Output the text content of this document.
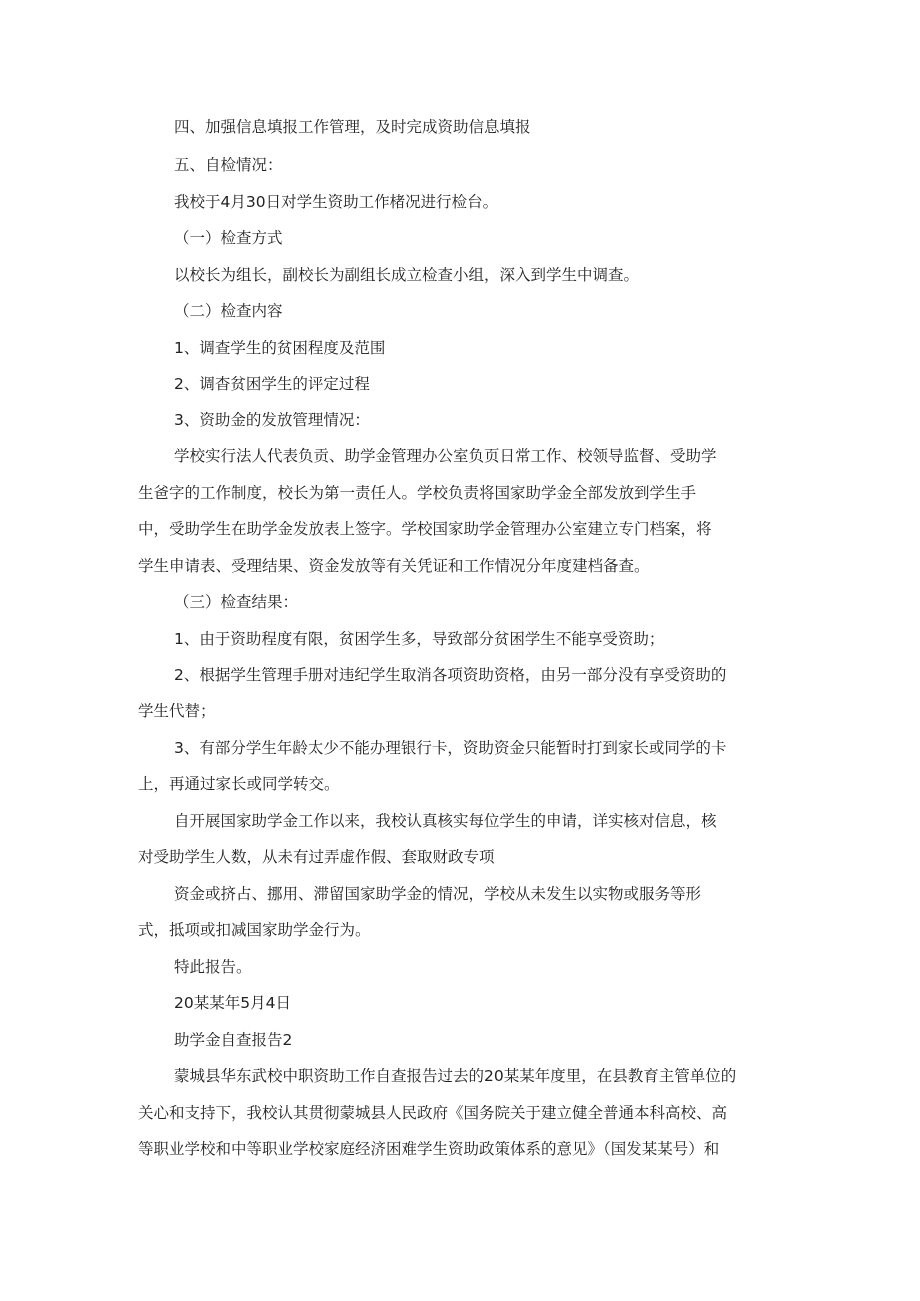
四、加强信息填报工作管理，及时完成资助信息填报
五、自检情况：
我校于4月30日对学生资助工作楮况进行检台。
（一）检查方式
以校长为组长，副校长为副组长成立检查小组，深入到学生中调查。
（二）检查内容
1、调查学生的贫困程度及范围
2、调杳贫困学生的评定过程
3、资助金的发放管理情况：
学校实行法人代表负贡、助学金管理办公室负页日常工作、校领导监督、受助学
生爸字的工作制度，校长为第一责任人。学校负责将国家助学金全部发放到学生手
中，受助学生在助学金发放表上签字。学校国家助学金管理办公室建立专门档案，将
学生申请表、受理结果、资金发放等有关凭证和工作情况分年度建档备查。
（三）检查结果：
1、由于资助程度有限，贫困学生多，导致部分贫困学生不能享受资助；
2、根据学生管理手册对违纪学生取消各项资助资格，由另一部分没有享受资助的
学生代替；
3、有部分学生年龄太少不能办理银行卡，资助资金只能暂时打到家长或同学的卡
上，再通过家长或同学转交。
自开展国家助学金工作以来，我校认真核实每位学生的申请，详实核对信息，核
对受助学生人数，从未有过弄虚作假、套取财政专项
资金或挤占、挪用、滞留国家助学金的情况，学校从未发生以实物或服务等形
式，抵项或扣减国家助学金行为。
特此报告。
20某某年5月4日
助学金自查报告2
蒙城县华东武校中职资助工作自查报告过去的20某某年度里，在县教育主管单位的
关心和支持下，我校认其贯彻蒙城县人民政府《国务院关于建立健全普通本科高校、高
等职业学校和中等职业学校家庭经济困难学生资助政策体系的意见》（国发某某号）和
